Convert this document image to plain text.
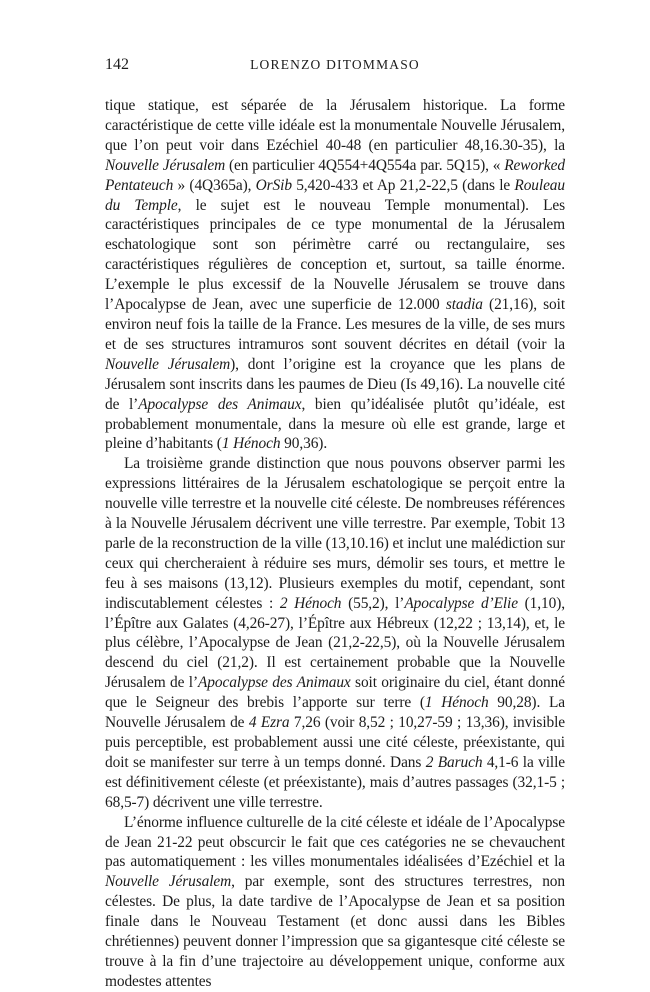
142	LORENZO DITOMMASO

tique statique, est séparée de la Jérusalem historique. La forme caractéristique de cette ville idéale est la monumentale Nouvelle Jérusalem, que l’on peut voir dans Ezéchiel 40-48 (en particulier 48,16.30-35), la Nouvelle Jérusalem (en particulier 4Q554+4Q554a par. 5Q15), « Reworked Pentateuch » (4Q365a), OrSib 5,420-433 et Ap 21,2-22,5 (dans le Rouleau du Temple, le sujet est le nouveau Temple monumental). Les caractéristiques principales de ce type monumental de la Jérusalem eschatologique sont son périmètre carré ou rectangulaire, ses caractéristiques régulières de conception et, surtout, sa taille énorme. L’exemple le plus excessif de la Nouvelle Jérusalem se trouve dans l’Apocalypse de Jean, avec une superficie de 12.000 stadia (21,16), soit environ neuf fois la taille de la France. Les mesures de la ville, de ses murs et de ses structures intramuros sont souvent décrites en détail (voir la Nouvelle Jérusalem), dont l’origine est la croyance que les plans de Jérusalem sont inscrits dans les paumes de Dieu (Is 49,16). La nouvelle cité de l’Apocalypse des Animaux, bien qu’idéalisée plutôt qu’idéale, est probablement monumentale, dans la mesure où elle est grande, large et pleine d’habitants (1 Hénoch 90,36).

La troisième grande distinction que nous pouvons observer parmi les expressions littéraires de la Jérusalem eschatologique se perçoit entre la nouvelle ville terrestre et la nouvelle cité céleste. De nombreuses références à la Nouvelle Jérusalem décrivent une ville terrestre. Par exemple, Tobit 13 parle de la reconstruction de la ville (13,10.16) et inclut une malédiction sur ceux qui chercheraient à réduire ses murs, démolir ses tours, et mettre le feu à ses maisons (13,12). Plusieurs exemples du motif, cependant, sont indiscutablement célestes : 2 Hénoch (55,2), l’Apocalypse d’Elie (1,10), l’Épître aux Galates (4,26-27), l’Épître aux Hébreux (12,22 ; 13,14), et, le plus célèbre, l’Apocalypse de Jean (21,2-22,5), où la Nouvelle Jérusalem descend du ciel (21,2). Il est certainement probable que la Nouvelle Jérusalem de l’Apocalypse des Animaux soit originaire du ciel, étant donné que le Seigneur des brebis l’apporte sur terre (1 Hénoch 90,28). La Nouvelle Jérusalem de 4 Ezra 7,26 (voir 8,52 ; 10,27-59 ; 13,36), invisible puis perceptible, est probablement aussi une cité céleste, préexistante, qui doit se manifester sur terre à un temps donné. Dans 2 Baruch 4,1-6 la ville est définitivement céleste (et préexistante), mais d’autres passages (32,1-5 ; 68,5-7) décrivent une ville terrestre.

L’énorme influence culturelle de la cité céleste et idéale de l’Apocalypse de Jean 21-22 peut obscurcir le fait que ces catégories ne se chevauchent pas automatiquement : les villes monumentales idéalisées d’Ezéchiel et la Nouvelle Jérusalem, par exemple, sont des structures terrestres, non célestes. De plus, la date tardive de l’Apocalypse de Jean et sa position finale dans le Nouveau Testament (et donc aussi dans les Bibles chrétiennes) peuvent donner l’impression que sa gigantesque cité céleste se trouve à la fin d’une trajectoire au développement unique, conforme aux modestes attentes
